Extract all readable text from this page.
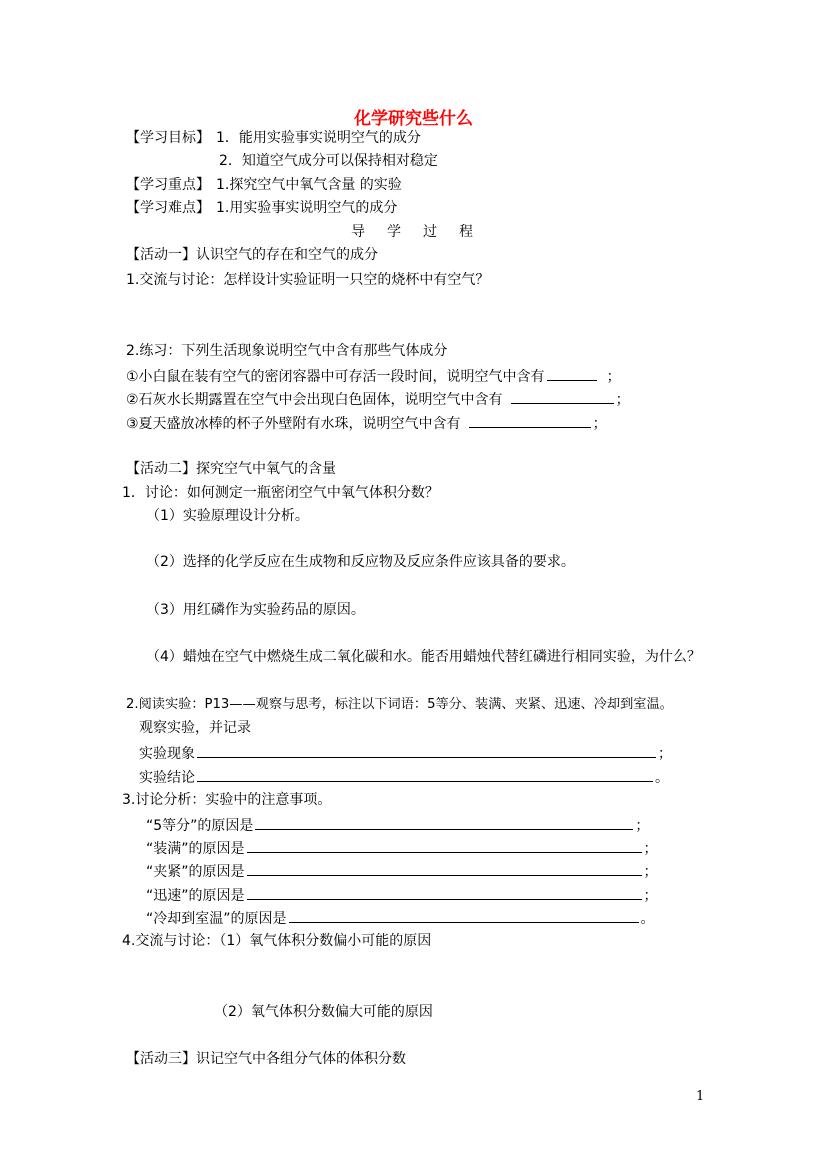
化学研究些什么
【学习目标】 1．能用实验事实说明空气的成分
2．知道空气成分可以保持相对稳定
【学习重点】 1.探究空气中氧气含量 的实验
【学习难点】 1.用实验事实说明空气的成分
导学过程
【活动一】认识空气的存在和空气的成分
1.交流与讨论：怎样设计实验证明一只空的烧杯中有空气？
2.练习：下列生活现象说明空气中含有那些气体成分
①小白鼠在装有空气的密闭容器中可存活一段时间，说明空气中含有	；
②石灰水长期露置在空气中会出现白色固体，说明空气中含有	；
③夏天盛放冰棒的杯子外壁附有水珠，说明空气中含有	；
【活动二】探究空气中氧气的含量
1．讨论：如何测定一瓶密闭空气中氧气体积分数？
（1）实验原理设计分析。
（2）选择的化学反应在生成物和反应物及反应条件应该具备的要求。
（3）用红磷作为实验药品的原因。
（4）蜡烛在空气中燃烧生成二氧化碳和水。能否用蜡烛代替红磷进行相同实验，为什么？
2.阅读实验：P13——观察与思考，标注以下词语：5等分、装满、夹紧、迅速、冷却到室温。
观察实验，并记录
实验现象	；
实验结论	。
3.讨论分析：实验中的注意事项。
“5等分”的原因是	；
“装满”的原因是	；
“夹紧”的原因是	；
“迅速”的原因是	；
“冷却到室温”的原因是	。
4.交流与讨论：（1）氧气体积分数偏小可能的原因
（2）氧气体积分数偏大可能的原因
【活动三】识记空气中各组分气体的体积分数
1
